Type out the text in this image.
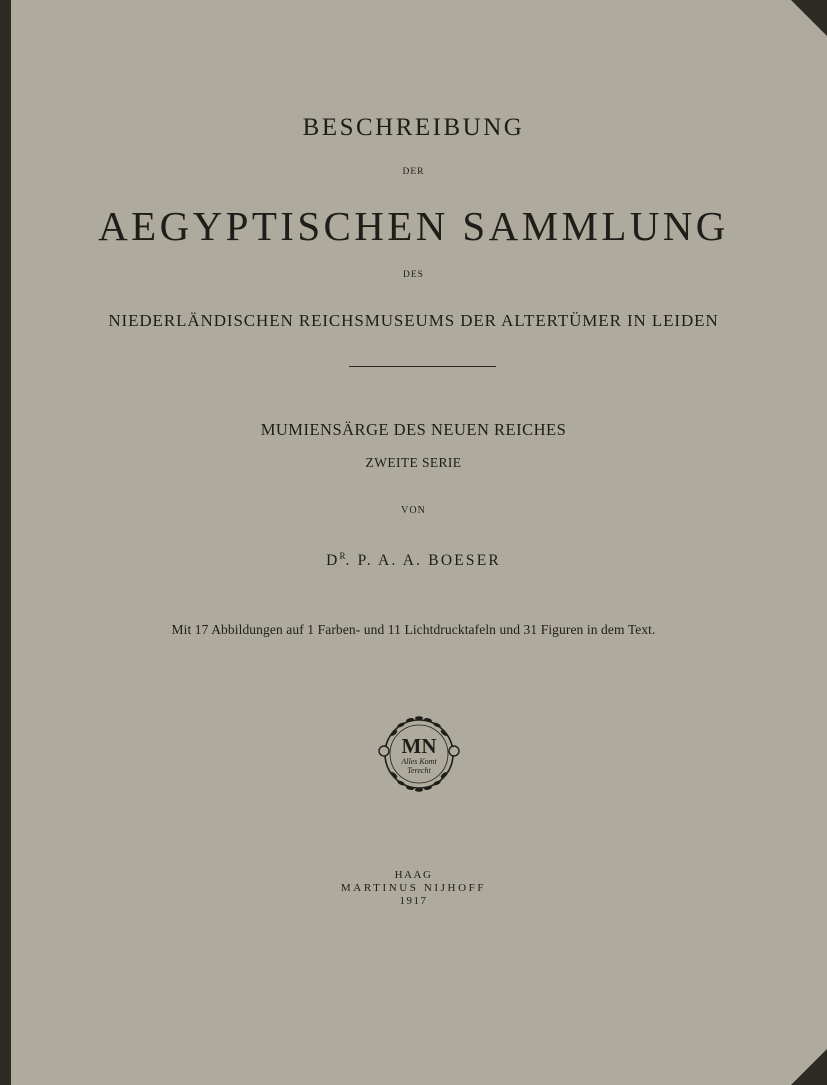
BESCHREIBUNG
DER
AEGYPTISCHEN SAMMLUNG
DES
NIEDERLÄNDISCHEN REICHSMUSEUMS DER ALTERTÜMER IN LEIDEN
MUMIENSÄRGE DES NEUEN REICHES
ZWEITE SERIE
VON
$D^R$. P. A. A. BOESER
Mit 17 Abbildungen auf 1 Farben- und 11 Lichtdrucktafeln und 31 Figuren in dem Text.
MN
Alles Komt
Terecht
HAAG
MARTINUS NIJHOFF
1917
